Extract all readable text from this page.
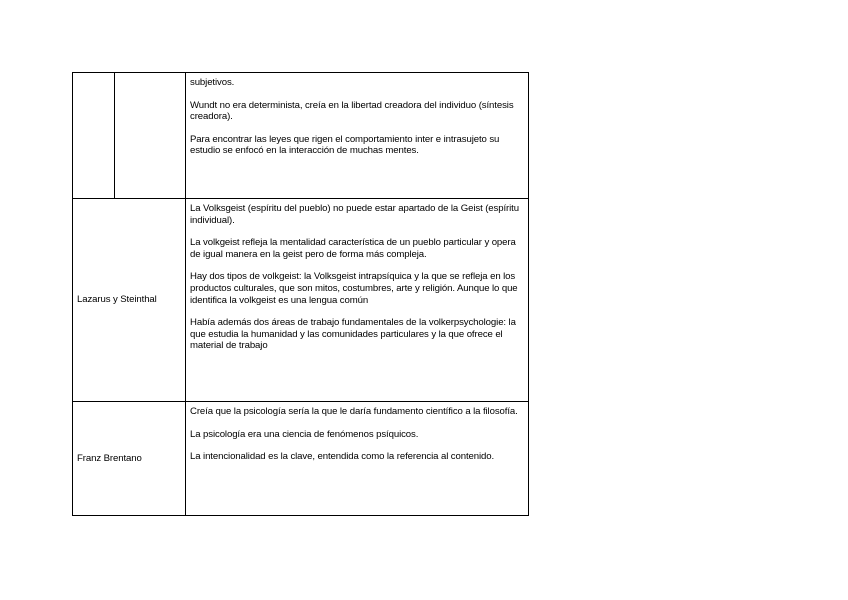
		subjetivos.

Wundt no era determinista, creía en la libertad creadora del individuo (síntesis creadora).

Para encontrar las leyes que rigen el comportamiento inter e intrasujeto su estudio se enfocó en la interacción de muchas mentes.

Lazarus y Steinthal		La Volksgeist (espíritu del pueblo) no puede estar apartado de la Geist (espíritu individual).

La volkgeist refleja la mentalidad característica de un pueblo particular y opera de igual manera en la geist pero de forma más compleja.

Hay dos tipos de volkgeist: la Volksgeist intrapsíquica y la que se refleja en los productos culturales, que son mitos, costumbres, arte y religión. Aunque lo que identifica la volkgeist es una lengua común

Había además dos áreas de trabajo fundamentales de la volkerpsychologie: la que estudia la humanidad y las comunidades particulares y la que ofrece el material de trabajo

Franz Brentano		Creía que la psicología sería la que le daría fundamento científico a la filosofía.

La psicología era una ciencia de fenómenos psíquicos.

La intencionalidad es la clave, entendida como la referencia al contenido.
